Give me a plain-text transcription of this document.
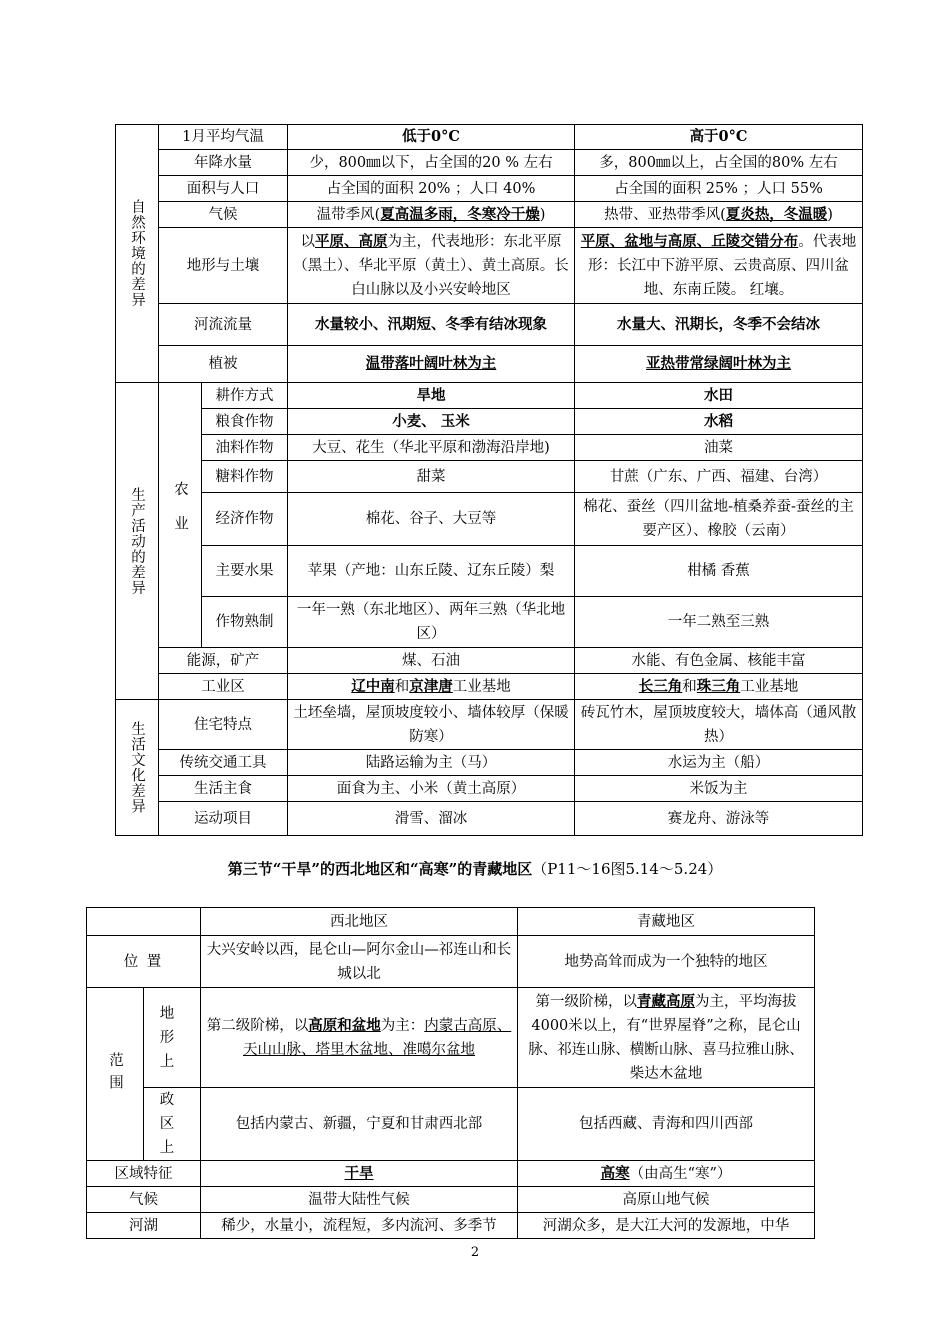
自然环境的差异	1月平均气温		低于0°C	高于0°C
	年降水量		少，800㎜以下，占全国的20 % 左右	多，800㎜以上，占全国的80% 左右
	面积与人口		占全国的面积 20% ；人口 40%	占全国的面积 25% ；人口 55%
	气候		温带季风(夏高温多雨，冬寒冷干燥)	热带、亚热带季风(夏炎热，冬温暖)
	地形与土壤		以平原、高原为主，代表地形：东北平原（黑土）、华北平原（黄土）、黄土高原。长白山脉以及小兴安岭地区	平原、盆地与高原、丘陵交错分布。代表地形：长江中下游平原、云贵高原、四川盆地、东南丘陵。 红壤。
	河流流量		水量较小、汛期短、冬季有结冰现象	水量大、汛期长，冬季不会结冰
	植被		温带落叶阔叶林为主	亚热带常绿阔叶林为主
生产活动的差异	农业	耕作方式	旱地	水田
		粮食作物	小麦、 玉米	水稻
		油料作物	大豆、花生（华北平原和渤海沿岸地)	油菜
		糖料作物	甜菜	甘蔗（广东、广西、福建、台湾）
		经济作物	棉花、谷子、大豆等	棉花、蚕丝（四川盆地-植桑养蚕-蚕丝的主要产区）、橡胶（云南）
		主要水果	苹果（产地：山东丘陵、辽东丘陵）梨	柑橘 香蕉
		作物熟制	一年一熟（东北地区）、两年三熟（华北地区）	一年二熟至三熟
	能源，矿产		煤、石油	水能、有色金属、核能丰富
	工业区		辽中南和京津唐工业基地	长三角和珠三角工业基地
生活文化差异	住宅特点		土坯垒墙，屋顶坡度较小、墙体较厚（保暖防寒）	砖瓦竹木，屋顶坡度较大，墙体高（通风散热）
	传统交通工具		陆路运输为主（马）	水运为主（船）
	生活主食		面食为主、小米（黄土高原）	米饭为主
	运动项目		滑雪、溜冰	赛龙舟、游泳等
第三节“干旱”的西北地区和“高寒”的青藏地区（P11～16图5.14～5.24）
		西北地区	青藏地区
位 置		大兴安岭以西，昆仑山—阿尔金山—祁连山和长城以北	地势高耸而成为一个独特的地区
范围	地形上	第二级阶梯，以高原和盆地为主：内蒙古高原、天山山脉、塔里木盆地、准噶尔盆地	第一级阶梯，以青藏高原为主，平均海拔4000米以上，有“世界屋脊”之称，昆仑山脉、祁连山脉、横断山脉、喜马拉雅山脉、柴达木盆地
	政区上	包括内蒙古、新疆，宁夏和甘肃西北部	包括西藏、青海和四川西部
区域特征		干旱	高寒（由高生“寒”）
气候		温带大陆性气候	高原山地气候
河湖		稀少，水量小，流程短，多内流河、多季节	河湖众多，是大江大河的发源地，中华
2
